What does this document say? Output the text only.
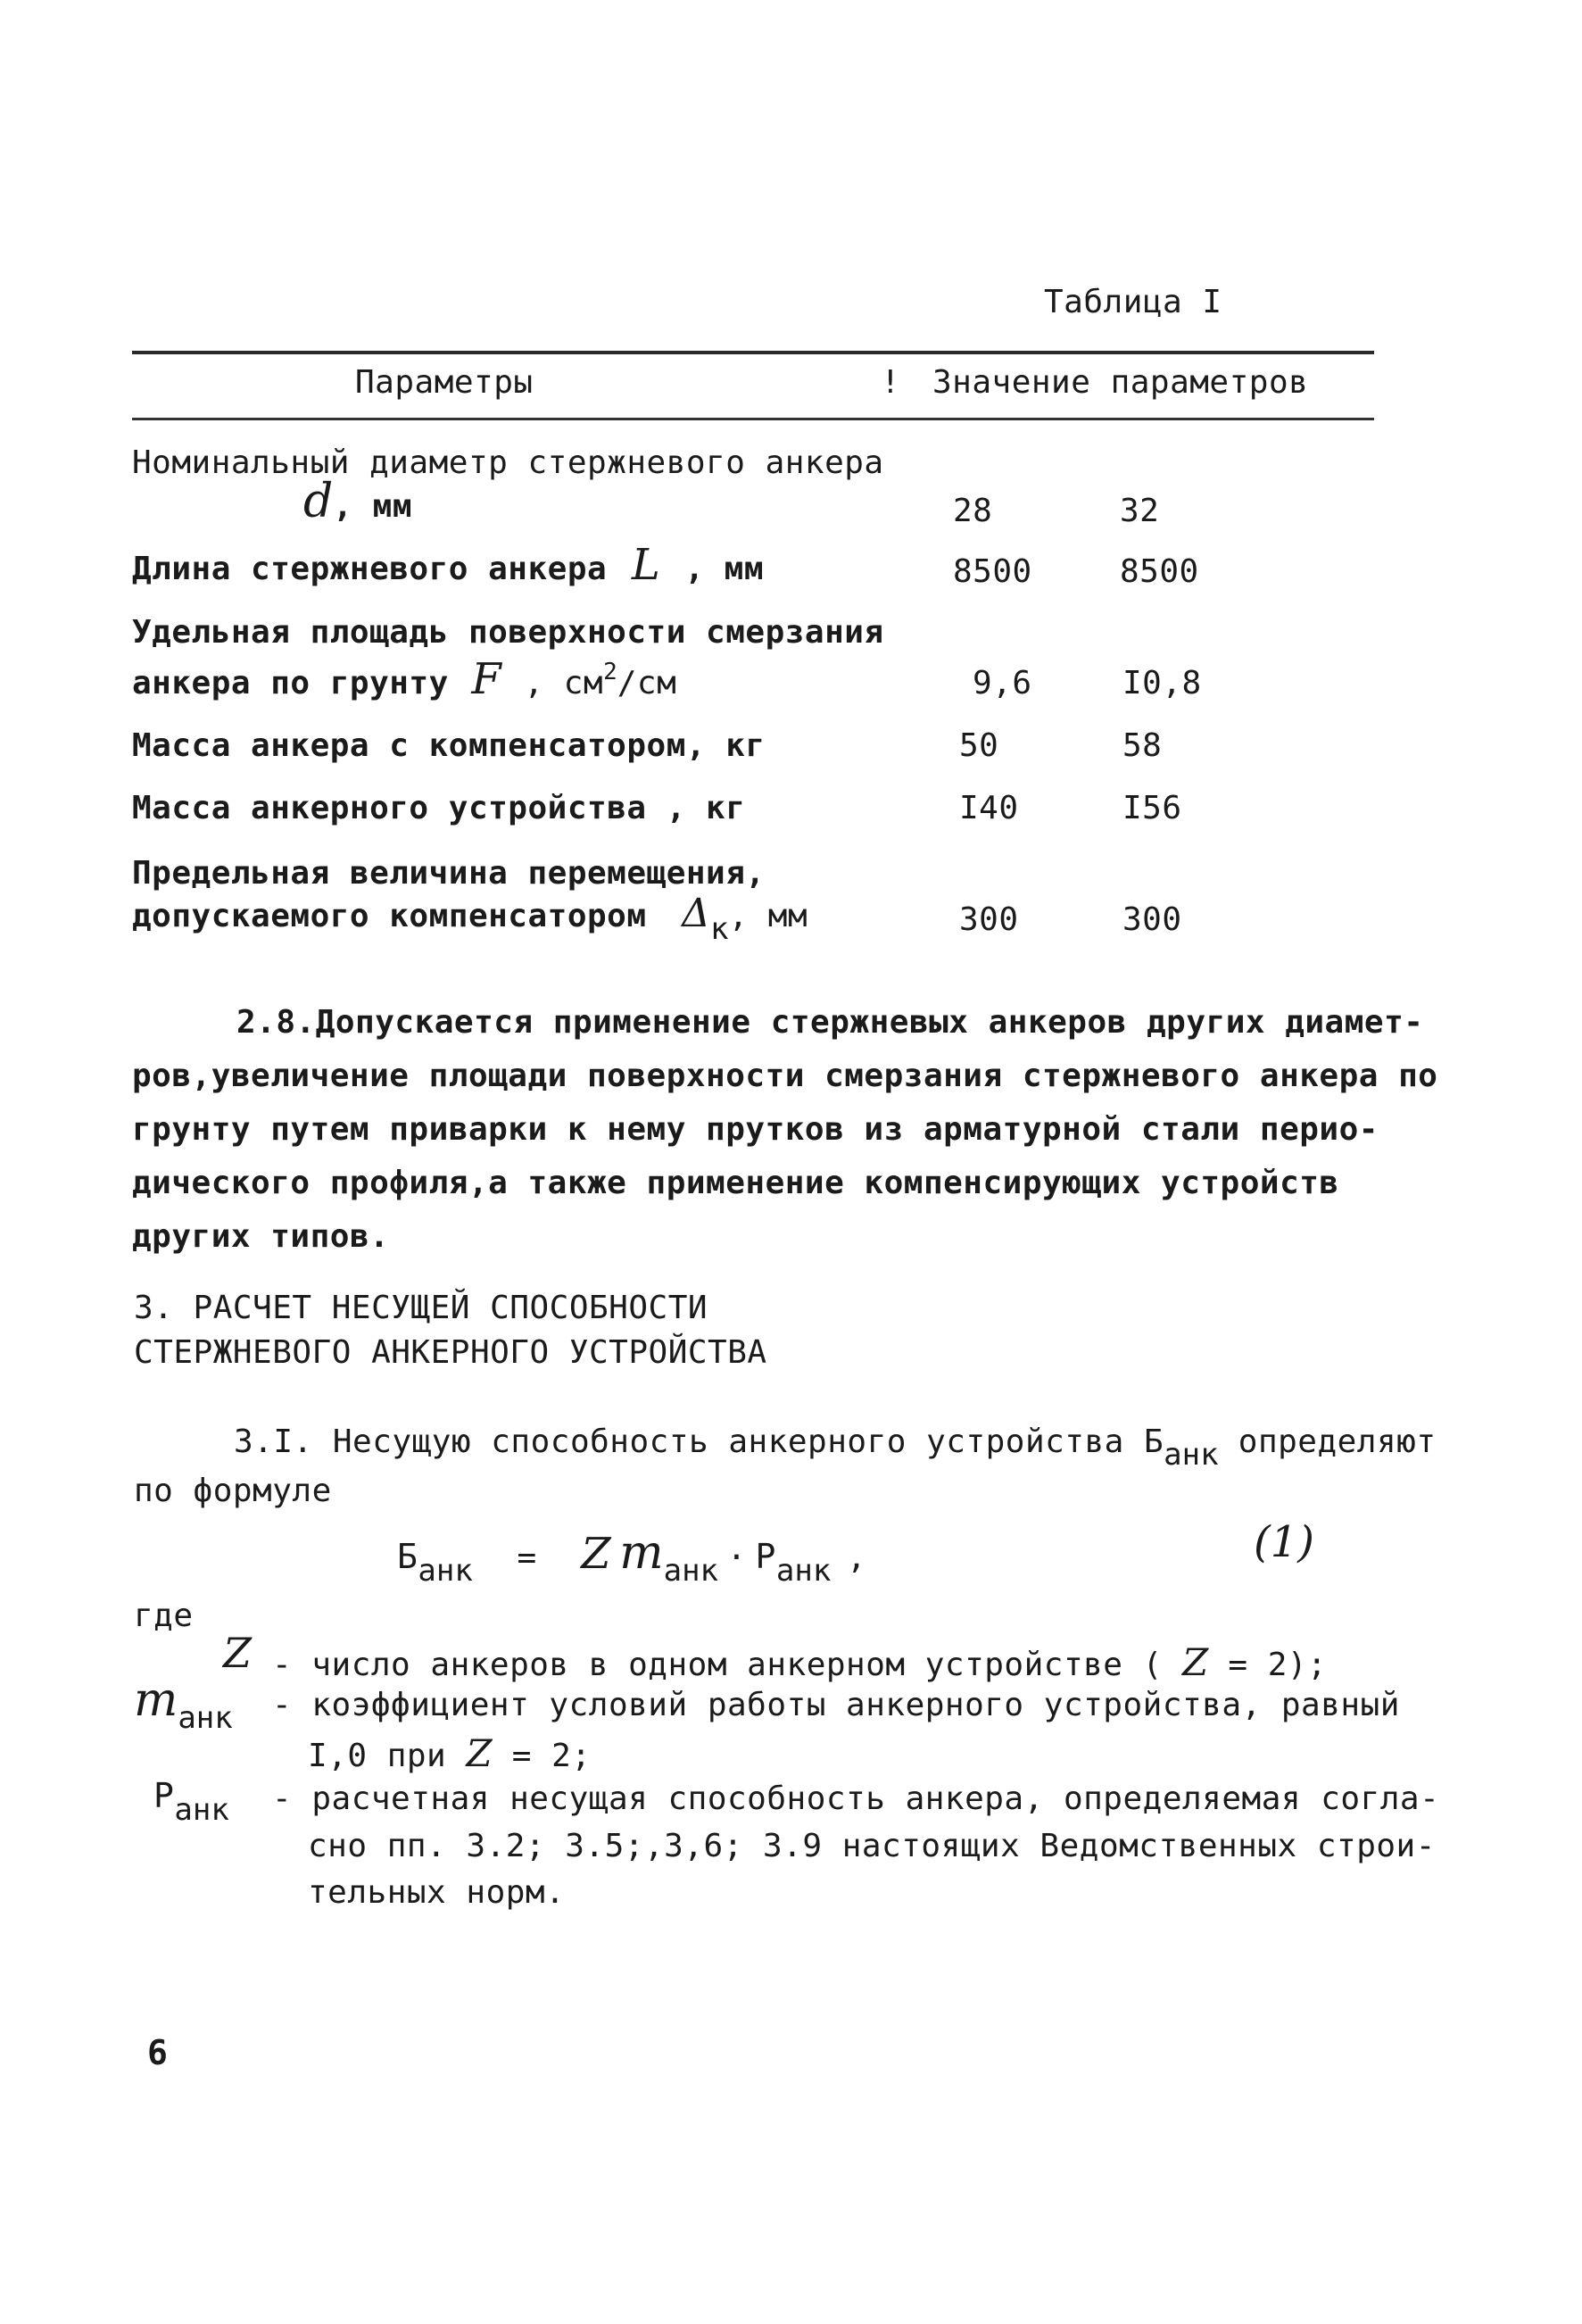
Таблица I
Параметры	! Значение параметров
Номинальный диаметр стержневого анкера
d, мм	28	32
Длина стержневого анкера L , мм	8500	8500
Удельная площадь поверхности смерзания
анкера по грунту F , см2/см	9,6	I0,8
Масса анкера с компенсатором, кг	50	58
Масса анкерного устройства , кг	I40	I56
Предельная величина перемещения,
допускаемого компенсатором Δк, мм	300	300
2.8.Допускается применение стержневых анкеров других диамет-
ров,увеличение площади поверхности смерзания стержневого анкера по
грунту путем приварки к нему прутков из арматурной стали перио-
дического профиля,а также применение компенсирующих устройств
других типов.
3. РАСЧЕТ НЕСУЩЕЙ СПОСОБНОСТИ
СТЕРЖНЕВОГО АНКЕРНОГО УСТРОЙСТВА
3.I. Несущую способность анкерного устройства Банк определяют
по формуле
Банк = Z mанк · Pанк ,	(1)
где
Z - число анкеров в одном анкерном устройстве ( Z = 2);
mанк - коэффициент условий работы анкерного устройства, равный
I,0 при Z = 2;
Pанк - расчетная несущая способность анкера, определяемая согла-
сно пп. 3.2; 3.5;,3,6; 3.9 настоящих Ведомственных строи-
тельных норм.
6
